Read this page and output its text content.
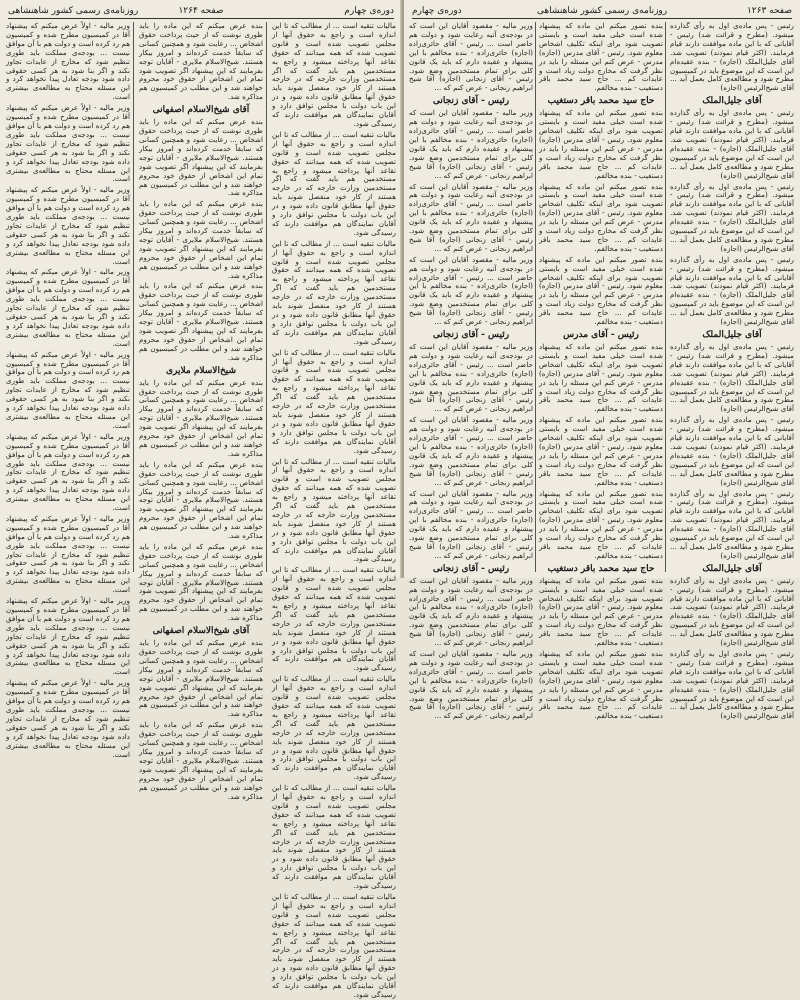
دوره‌ی چهارم
صفحه ۱۲۶۴
روزنامه‌ی رسمی کشور شاهنشاهی

مالیات تنقیه است ... از مطالب که تا این اندازه است و راجع به حقوق آنها از مجلس تصویب شده است و قانون تصویب شده که همه میدانند که حقوق تقاعد آنها پرداخته میشود و راجع به مستخدمین هم باید گفت که اگر مستخدمین وزارت خارجه که در خارجه هستند از کار خود منفصل شوند باید حقوق آنها مطابق قانون داده شود و در این باب دولت با مجلس توافق دارد و آقایان نمایندگان هم موافقت دارند که رسیدگی شود.

مالیات تنقیه است ... از مطالب که تا این اندازه است و راجع به حقوق آنها از مجلس تصویب شده است و قانون تصویب شده که همه میدانند که حقوق تقاعد آنها پرداخته میشود و راجع به مستخدمین هم باید گفت که اگر مستخدمین وزارت خارجه که در خارجه هستند از کار خود منفصل شوند باید حقوق آنها مطابق قانون داده شود و در این باب دولت با مجلس توافق دارد و آقایان نمایندگان هم موافقت دارند که رسیدگی شود.

مالیات تنقیه است ... از مطالب که تا این اندازه است و راجع به حقوق آنها از مجلس تصویب شده است و قانون تصویب شده که همه میدانند که حقوق تقاعد آنها پرداخته میشود و راجع به مستخدمین هم باید گفت که اگر مستخدمین وزارت خارجه که در خارجه هستند از کار خود منفصل شوند باید حقوق آنها مطابق قانون داده شود و در این باب دولت با مجلس توافق دارد و آقایان نمایندگان هم موافقت دارند که رسیدگی شود.

مالیات تنقیه است ... از مطالب که تا این اندازه است و راجع به حقوق آنها از مجلس تصویب شده است و قانون تصویب شده که همه میدانند که حقوق تقاعد آنها پرداخته میشود و راجع به مستخدمین هم باید گفت که اگر مستخدمین وزارت خارجه که در خارجه هستند از کار خود منفصل شوند باید حقوق آنها مطابق قانون داده شود و در این باب دولت با مجلس توافق دارد و آقایان نمایندگان هم موافقت دارند که رسیدگی شود.

مالیات تنقیه است ... از مطالب که تا این اندازه است و راجع به حقوق آنها از مجلس تصویب شده است و قانون تصویب شده که همه میدانند که حقوق تقاعد آنها پرداخته میشود و راجع به مستخدمین هم باید گفت که اگر مستخدمین وزارت خارجه که در خارجه هستند از کار خود منفصل شوند باید حقوق آنها مطابق قانون داده شود و در این باب دولت با مجلس توافق دارد و آقایان نمایندگان هم موافقت دارند که رسیدگی شود.

مالیات تنقیه است ... از مطالب که تا این اندازه است و راجع به حقوق آنها از مجلس تصویب شده است و قانون تصویب شده که همه میدانند که حقوق تقاعد آنها پرداخته میشود و راجع به مستخدمین هم باید گفت که اگر مستخدمین وزارت خارجه که در خارجه هستند از کار خود منفصل شوند باید حقوق آنها مطابق قانون داده شود و در این باب دولت با مجلس توافق دارد و آقایان نمایندگان هم موافقت دارند که رسیدگی شود.

مالیات تنقیه است ... از مطالب که تا این اندازه است و راجع به حقوق آنها از مجلس تصویب شده است و قانون تصویب شده که همه میدانند که حقوق تقاعد آنها پرداخته میشود و راجع به مستخدمین هم باید گفت که اگر مستخدمین وزارت خارجه که در خارجه هستند از کار خود منفصل شوند باید حقوق آنها مطابق قانون داده شود و در این باب دولت با مجلس توافق دارد و آقایان نمایندگان هم موافقت دارند که رسیدگی شود.

مالیات تنقیه است ... از مطالب که تا این اندازه است و راجع به حقوق آنها از مجلس تصویب شده است و قانون تصویب شده که همه میدانند که حقوق تقاعد آنها پرداخته میشود و راجع به مستخدمین هم باید گفت که اگر مستخدمین وزارت خارجه که در خارجه هستند از کار خود منفصل شوند باید حقوق آنها مطابق قانون داده شود و در این باب دولت با مجلس توافق دارد و آقایان نمایندگان هم موافقت دارند که رسیدگی شود.

مالیات تنقیه است ... از مطالب که تا این اندازه است و راجع به حقوق آنها از مجلس تصویب شده است و قانون تصویب شده که همه میدانند که حقوق تقاعد آنها پرداخته میشود و راجع به مستخدمین هم باید گفت که اگر مستخدمین وزارت خارجه که در خارجه هستند از کار خود منفصل شوند باید حقوق آنها مطابق قانون داده شود و در این باب دولت با مجلس توافق دارد و آقایان نمایندگان هم موافقت دارند که رسیدگی شود.

بنده عرض میکنم که این ماده را باید طوری نوشت که از حیث پرداخت حقوق اشخاص ... رعایت شود و همچنین کسانی که سابقاً خدمت کرده‌اند و امروز بیکار هستند. شیخ‌الاسلام ملایری - آقایان توجه بفرمایند که این پیشنهاد اگر تصویب شود تمام این اشخاص از حقوق خود محروم خواهند شد و این مطلب در کمیسیون هم مذاکره شد.

آقای شیخ‌الاسلام اصفهانی

بنده عرض میکنم که این ماده را باید طوری نوشت که از حیث پرداخت حقوق اشخاص ... رعایت شود و همچنین کسانی که سابقاً خدمت کرده‌اند و امروز بیکار هستند. شیخ‌الاسلام ملایری - آقایان توجه بفرمایند که این پیشنهاد اگر تصویب شود تمام این اشخاص از حقوق خود محروم خواهند شد و این مطلب در کمیسیون هم مذاکره شد.

بنده عرض میکنم که این ماده را باید طوری نوشت که از حیث پرداخت حقوق اشخاص ... رعایت شود و همچنین کسانی که سابقاً خدمت کرده‌اند و امروز بیکار هستند. شیخ‌الاسلام ملایری - آقایان توجه بفرمایند که این پیشنهاد اگر تصویب شود تمام این اشخاص از حقوق خود محروم خواهند شد و این مطلب در کمیسیون هم مذاکره شد.

بنده عرض میکنم که این ماده را باید طوری نوشت که از حیث پرداخت حقوق اشخاص ... رعایت شود و همچنین کسانی که سابقاً خدمت کرده‌اند و امروز بیکار هستند. شیخ‌الاسلام ملایری - آقایان توجه بفرمایند که این پیشنهاد اگر تصویب شود تمام این اشخاص از حقوق خود محروم خواهند شد و این مطلب در کمیسیون هم مذاکره شد.

شیخ‌الاسلام ملایری

بنده عرض میکنم که این ماده را باید طوری نوشت که از حیث پرداخت حقوق اشخاص ... رعایت شود و همچنین کسانی که سابقاً خدمت کرده‌اند و امروز بیکار هستند. شیخ‌الاسلام ملایری - آقایان توجه بفرمایند که این پیشنهاد اگر تصویب شود تمام این اشخاص از حقوق خود محروم خواهند شد و این مطلب در کمیسیون هم مذاکره شد.

بنده عرض میکنم که این ماده را باید طوری نوشت که از حیث پرداخت حقوق اشخاص ... رعایت شود و همچنین کسانی که سابقاً خدمت کرده‌اند و امروز بیکار هستند. شیخ‌الاسلام ملایری - آقایان توجه بفرمایند که این پیشنهاد اگر تصویب شود تمام این اشخاص از حقوق خود محروم خواهند شد و این مطلب در کمیسیون هم مذاکره شد.

بنده عرض میکنم که این ماده را باید طوری نوشت که از حیث پرداخت حقوق اشخاص ... رعایت شود و همچنین کسانی که سابقاً خدمت کرده‌اند و امروز بیکار هستند. شیخ‌الاسلام ملایری - آقایان توجه بفرمایند که این پیشنهاد اگر تصویب شود تمام این اشخاص از حقوق خود محروم خواهند شد و این مطلب در کمیسیون هم مذاکره شد.

آقای شیخ‌الاسلام اصفهانی

بنده عرض میکنم که این ماده را باید طوری نوشت که از حیث پرداخت حقوق اشخاص ... رعایت شود و همچنین کسانی که سابقاً خدمت کرده‌اند و امروز بیکار هستند. شیخ‌الاسلام ملایری - آقایان توجه بفرمایند که این پیشنهاد اگر تصویب شود تمام این اشخاص از حقوق خود محروم خواهند شد و این مطلب در کمیسیون هم مذاکره شد.

بنده عرض میکنم که این ماده را باید طوری نوشت که از حیث پرداخت حقوق اشخاص ... رعایت شود و همچنین کسانی که سابقاً خدمت کرده‌اند و امروز بیکار هستند. شیخ‌الاسلام ملایری - آقایان توجه بفرمایند که این پیشنهاد اگر تصویب شود تمام این اشخاص از حقوق خود محروم خواهند شد و این مطلب در کمیسیون هم مذاکره شد.

وزیر مالیه - اولاً عرض میکنم که پیشنهاد آقا در کمیسیون مطرح شده و کمیسیون هم رد کرده است و دولت هم با آن موافق نیست ... بودجه‌ی مملکت باید طوری تنظیم شود که مخارج از عایدات تجاوز نکند و اگر بنا شود به هر کسی حقوقی داده شود بودجه تعادل پیدا نخواهد کرد و این مسئله محتاج به مطالعه‌ی بیشتری است.

وزیر مالیه - اولاً عرض میکنم که پیشنهاد آقا در کمیسیون مطرح شده و کمیسیون هم رد کرده است و دولت هم با آن موافق نیست ... بودجه‌ی مملکت باید طوری تنظیم شود که مخارج از عایدات تجاوز نکند و اگر بنا شود به هر کسی حقوقی داده شود بودجه تعادل پیدا نخواهد کرد و این مسئله محتاج به مطالعه‌ی بیشتری است.

وزیر مالیه - اولاً عرض میکنم که پیشنهاد آقا در کمیسیون مطرح شده و کمیسیون هم رد کرده است و دولت هم با آن موافق نیست ... بودجه‌ی مملکت باید طوری تنظیم شود که مخارج از عایدات تجاوز نکند و اگر بنا شود به هر کسی حقوقی داده شود بودجه تعادل پیدا نخواهد کرد و این مسئله محتاج به مطالعه‌ی بیشتری است.

وزیر مالیه - اولاً عرض میکنم که پیشنهاد آقا در کمیسیون مطرح شده و کمیسیون هم رد کرده است و دولت هم با آن موافق نیست ... بودجه‌ی مملکت باید طوری تنظیم شود که مخارج از عایدات تجاوز نکند و اگر بنا شود به هر کسی حقوقی داده شود بودجه تعادل پیدا نخواهد کرد و این مسئله محتاج به مطالعه‌ی بیشتری است.

وزیر مالیه - اولاً عرض میکنم که پیشنهاد آقا در کمیسیون مطرح شده و کمیسیون هم رد کرده است و دولت هم با آن موافق نیست ... بودجه‌ی مملکت باید طوری تنظیم شود که مخارج از عایدات تجاوز نکند و اگر بنا شود به هر کسی حقوقی داده شود بودجه تعادل پیدا نخواهد کرد و این مسئله محتاج به مطالعه‌ی بیشتری است.

وزیر مالیه - اولاً عرض میکنم که پیشنهاد آقا در کمیسیون مطرح شده و کمیسیون هم رد کرده است و دولت هم با آن موافق نیست ... بودجه‌ی مملکت باید طوری تنظیم شود که مخارج از عایدات تجاوز نکند و اگر بنا شود به هر کسی حقوقی داده شود بودجه تعادل پیدا نخواهد کرد و این مسئله محتاج به مطالعه‌ی بیشتری است.

وزیر مالیه - اولاً عرض میکنم که پیشنهاد آقا در کمیسیون مطرح شده و کمیسیون هم رد کرده است و دولت هم با آن موافق نیست ... بودجه‌ی مملکت باید طوری تنظیم شود که مخارج از عایدات تجاوز نکند و اگر بنا شود به هر کسی حقوقی داده شود بودجه تعادل پیدا نخواهد کرد و این مسئله محتاج به مطالعه‌ی بیشتری است.

وزیر مالیه - اولاً عرض میکنم که پیشنهاد آقا در کمیسیون مطرح شده و کمیسیون هم رد کرده است و دولت هم با آن موافق نیست ... بودجه‌ی مملکت باید طوری تنظیم شود که مخارج از عایدات تجاوز نکند و اگر بنا شود به هر کسی حقوقی داده شود بودجه تعادل پیدا نخواهد کرد و این مسئله محتاج به مطالعه‌ی بیشتری است.

وزیر مالیه - اولاً عرض میکنم که پیشنهاد آقا در کمیسیون مطرح شده و کمیسیون هم رد کرده است و دولت هم با آن موافق نیست ... بودجه‌ی مملکت باید طوری تنظیم شود که مخارج از عایدات تجاوز نکند و اگر بنا شود به هر کسی حقوقی داده شود بودجه تعادل پیدا نخواهد کرد و این مسئله محتاج به مطالعه‌ی بیشتری است.

صفحه ۱۲۶۳
روزنامه‌ی رسمی کشور شاهنشاهی
دوره‌ی چهارم

رئیس - پس ماده‌ی اول به رأی گذارده میشود. (مطرح و قرائت شد) رئیس - آقایانی که با این ماده موافقت دارند قیام فرمایند. (اکثر قیام نمودند) تصویب شد. آقای جلیل‌الملک (اجازه) - بنده عقیده‌ام این است که این موضوع باید در کمیسیون مطرح شود و مطالعه‌ی کامل بعمل آید ... آقای شیخ‌الرئیس (اجازه)

آقای جلیل‌الملک

رئیس - پس ماده‌ی اول به رأی گذارده میشود. (مطرح و قرائت شد) رئیس - آقایانی که با این ماده موافقت دارند قیام فرمایند. (اکثر قیام نمودند) تصویب شد. آقای جلیل‌الملک (اجازه) - بنده عقیده‌ام این است که این موضوع باید در کمیسیون مطرح شود و مطالعه‌ی کامل بعمل آید ... آقای شیخ‌الرئیس (اجازه)

رئیس - پس ماده‌ی اول به رأی گذارده میشود. (مطرح و قرائت شد) رئیس - آقایانی که با این ماده موافقت دارند قیام فرمایند. (اکثر قیام نمودند) تصویب شد. آقای جلیل‌الملک (اجازه) - بنده عقیده‌ام این است که این موضوع باید در کمیسیون مطرح شود و مطالعه‌ی کامل بعمل آید ... آقای شیخ‌الرئیس (اجازه)

رئیس - پس ماده‌ی اول به رأی گذارده میشود. (مطرح و قرائت شد) رئیس - آقایانی که با این ماده موافقت دارند قیام فرمایند. (اکثر قیام نمودند) تصویب شد. آقای جلیل‌الملک (اجازه) - بنده عقیده‌ام این است که این موضوع باید در کمیسیون مطرح شود و مطالعه‌ی کامل بعمل آید ... آقای شیخ‌الرئیس (اجازه)

آقای جلیل‌الملک

رئیس - پس ماده‌ی اول به رأی گذارده میشود. (مطرح و قرائت شد) رئیس - آقایانی که با این ماده موافقت دارند قیام فرمایند. (اکثر قیام نمودند) تصویب شد. آقای جلیل‌الملک (اجازه) - بنده عقیده‌ام این است که این موضوع باید در کمیسیون مطرح شود و مطالعه‌ی کامل بعمل آید ... آقای شیخ‌الرئیس (اجازه)

رئیس - پس ماده‌ی اول به رأی گذارده میشود. (مطرح و قرائت شد) رئیس - آقایانی که با این ماده موافقت دارند قیام فرمایند. (اکثر قیام نمودند) تصویب شد. آقای جلیل‌الملک (اجازه) - بنده عقیده‌ام این است که این موضوع باید در کمیسیون مطرح شود و مطالعه‌ی کامل بعمل آید ... آقای شیخ‌الرئیس (اجازه)

رئیس - پس ماده‌ی اول به رأی گذارده میشود. (مطرح و قرائت شد) رئیس - آقایانی که با این ماده موافقت دارند قیام فرمایند. (اکثر قیام نمودند) تصویب شد. آقای جلیل‌الملک (اجازه) - بنده عقیده‌ام این است که این موضوع باید در کمیسیون مطرح شود و مطالعه‌ی کامل بعمل آید ... آقای شیخ‌الرئیس (اجازه)

آقای جلیل‌الملک

رئیس - پس ماده‌ی اول به رأی گذارده میشود. (مطرح و قرائت شد) رئیس - آقایانی که با این ماده موافقت دارند قیام فرمایند. (اکثر قیام نمودند) تصویب شد. آقای جلیل‌الملک (اجازه) - بنده عقیده‌ام این است که این موضوع باید در کمیسیون مطرح شود و مطالعه‌ی کامل بعمل آید ... آقای شیخ‌الرئیس (اجازه)

رئیس - پس ماده‌ی اول به رأی گذارده میشود. (مطرح و قرائت شد) رئیس - آقایانی که با این ماده موافقت دارند قیام فرمایند. (اکثر قیام نمودند) تصویب شد. آقای جلیل‌الملک (اجازه) - بنده عقیده‌ام این است که این موضوع باید در کمیسیون مطرح شود و مطالعه‌ی کامل بعمل آید ... آقای شیخ‌الرئیس (اجازه)

بنده تصور میکنم این ماده که پیشنهاد شده است خیلی مفید است و بایستی تصویب شود برای اینکه تکلیف اشخاص معلوم شود. رئیس - آقای مدرس (اجازه) مدرس - عرض کنم این مسئله را باید در نظر گرفت که مخارج دولت زیاد است و عایدات کم ... حاج سید محمد باقر دستغیب - بنده مخالفم.

حاج سید محمد باقر دستغیب

بنده تصور میکنم این ماده که پیشنهاد شده است خیلی مفید است و بایستی تصویب شود برای اینکه تکلیف اشخاص معلوم شود. رئیس - آقای مدرس (اجازه) مدرس - عرض کنم این مسئله را باید در نظر گرفت که مخارج دولت زیاد است و عایدات کم ... حاج سید محمد باقر دستغیب - بنده مخالفم.

بنده تصور میکنم این ماده که پیشنهاد شده است خیلی مفید است و بایستی تصویب شود برای اینکه تکلیف اشخاص معلوم شود. رئیس - آقای مدرس (اجازه) مدرس - عرض کنم این مسئله را باید در نظر گرفت که مخارج دولت زیاد است و عایدات کم ... حاج سید محمد باقر دستغیب - بنده مخالفم.

بنده تصور میکنم این ماده که پیشنهاد شده است خیلی مفید است و بایستی تصویب شود برای اینکه تکلیف اشخاص معلوم شود. رئیس - آقای مدرس (اجازه) مدرس - عرض کنم این مسئله را باید در نظر گرفت که مخارج دولت زیاد است و عایدات کم ... حاج سید محمد باقر دستغیب - بنده مخالفم.

رئیس - آقای مدرس

بنده تصور میکنم این ماده که پیشنهاد شده است خیلی مفید است و بایستی تصویب شود برای اینکه تکلیف اشخاص معلوم شود. رئیس - آقای مدرس (اجازه) مدرس - عرض کنم این مسئله را باید در نظر گرفت که مخارج دولت زیاد است و عایدات کم ... حاج سید محمد باقر دستغیب - بنده مخالفم.

بنده تصور میکنم این ماده که پیشنهاد شده است خیلی مفید است و بایستی تصویب شود برای اینکه تکلیف اشخاص معلوم شود. رئیس - آقای مدرس (اجازه) مدرس - عرض کنم این مسئله را باید در نظر گرفت که مخارج دولت زیاد است و عایدات کم ... حاج سید محمد باقر دستغیب - بنده مخالفم.

بنده تصور میکنم این ماده که پیشنهاد شده است خیلی مفید است و بایستی تصویب شود برای اینکه تکلیف اشخاص معلوم شود. رئیس - آقای مدرس (اجازه) مدرس - عرض کنم این مسئله را باید در نظر گرفت که مخارج دولت زیاد است و عایدات کم ... حاج سید محمد باقر دستغیب - بنده مخالفم.

حاج سید محمد باقر دستغیب

بنده تصور میکنم این ماده که پیشنهاد شده است خیلی مفید است و بایستی تصویب شود برای اینکه تکلیف اشخاص معلوم شود. رئیس - آقای مدرس (اجازه) مدرس - عرض کنم این مسئله را باید در نظر گرفت که مخارج دولت زیاد است و عایدات کم ... حاج سید محمد باقر دستغیب - بنده مخالفم.

بنده تصور میکنم این ماده که پیشنهاد شده است خیلی مفید است و بایستی تصویب شود برای اینکه تکلیف اشخاص معلوم شود. رئیس - آقای مدرس (اجازه) مدرس - عرض کنم این مسئله را باید در نظر گرفت که مخارج دولت زیاد است و عایدات کم ... حاج سید محمد باقر دستغیب - بنده مخالفم.

وزیر مالیه - مقصود آقایان این است که در بودجه‌ی آتیه رعایت شود و دولت هم حاضر است ... رئیس - آقای حائری‌زاده (اجازه) حائری‌زاده - بنده مخالفم با این پیشنهاد و عقیده دارم که باید یک قانون کلی برای تمام مستخدمین وضع شود. رئیس - آقای زنجانی (اجازه) آقا شیخ ابراهیم زنجانی - عرض کنم که ...

رئیس - آقای زنجانی

وزیر مالیه - مقصود آقایان این است که در بودجه‌ی آتیه رعایت شود و دولت هم حاضر است ... رئیس - آقای حائری‌زاده (اجازه) حائری‌زاده - بنده مخالفم با این پیشنهاد و عقیده دارم که باید یک قانون کلی برای تمام مستخدمین وضع شود. رئیس - آقای زنجانی (اجازه) آقا شیخ ابراهیم زنجانی - عرض کنم که ...

وزیر مالیه - مقصود آقایان این است که در بودجه‌ی آتیه رعایت شود و دولت هم حاضر است ... رئیس - آقای حائری‌زاده (اجازه) حائری‌زاده - بنده مخالفم با این پیشنهاد و عقیده دارم که باید یک قانون کلی برای تمام مستخدمین وضع شود. رئیس - آقای زنجانی (اجازه) آقا شیخ ابراهیم زنجانی - عرض کنم که ...

وزیر مالیه - مقصود آقایان این است که در بودجه‌ی آتیه رعایت شود و دولت هم حاضر است ... رئیس - آقای حائری‌زاده (اجازه) حائری‌زاده - بنده مخالفم با این پیشنهاد و عقیده دارم که باید یک قانون کلی برای تمام مستخدمین وضع شود. رئیس - آقای زنجانی (اجازه) آقا شیخ ابراهیم زنجانی - عرض کنم که ...

رئیس - آقای زنجانی

وزیر مالیه - مقصود آقایان این است که در بودجه‌ی آتیه رعایت شود و دولت هم حاضر است ... رئیس - آقای حائری‌زاده (اجازه) حائری‌زاده - بنده مخالفم با این پیشنهاد و عقیده دارم که باید یک قانون کلی برای تمام مستخدمین وضع شود. رئیس - آقای زنجانی (اجازه) آقا شیخ ابراهیم زنجانی - عرض کنم که ...

وزیر مالیه - مقصود آقایان این است که در بودجه‌ی آتیه رعایت شود و دولت هم حاضر است ... رئیس - آقای حائری‌زاده (اجازه) حائری‌زاده - بنده مخالفم با این پیشنهاد و عقیده دارم که باید یک قانون کلی برای تمام مستخدمین وضع شود. رئیس - آقای زنجانی (اجازه) آقا شیخ ابراهیم زنجانی - عرض کنم که ...

وزیر مالیه - مقصود آقایان این است که در بودجه‌ی آتیه رعایت شود و دولت هم حاضر است ... رئیس - آقای حائری‌زاده (اجازه) حائری‌زاده - بنده مخالفم با این پیشنهاد و عقیده دارم که باید یک قانون کلی برای تمام مستخدمین وضع شود. رئیس - آقای زنجانی (اجازه) آقا شیخ ابراهیم زنجانی - عرض کنم که ...

رئیس - آقای زنجانی

وزیر مالیه - مقصود آقایان این است که در بودجه‌ی آتیه رعایت شود و دولت هم حاضر است ... رئیس - آقای حائری‌زاده (اجازه) حائری‌زاده - بنده مخالفم با این پیشنهاد و عقیده دارم که باید یک قانون کلی برای تمام مستخدمین وضع شود. رئیس - آقای زنجانی (اجازه) آقا شیخ ابراهیم زنجانی - عرض کنم که ...

وزیر مالیه - مقصود آقایان این است که در بودجه‌ی آتیه رعایت شود و دولت هم حاضر است ... رئیس - آقای حائری‌زاده (اجازه) حائری‌زاده - بنده مخالفم با این پیشنهاد و عقیده دارم که باید یک قانون کلی برای تمام مستخدمین وضع شود. رئیس - آقای زنجانی (اجازه) آقا شیخ ابراهیم زنجانی - عرض کنم که ...
